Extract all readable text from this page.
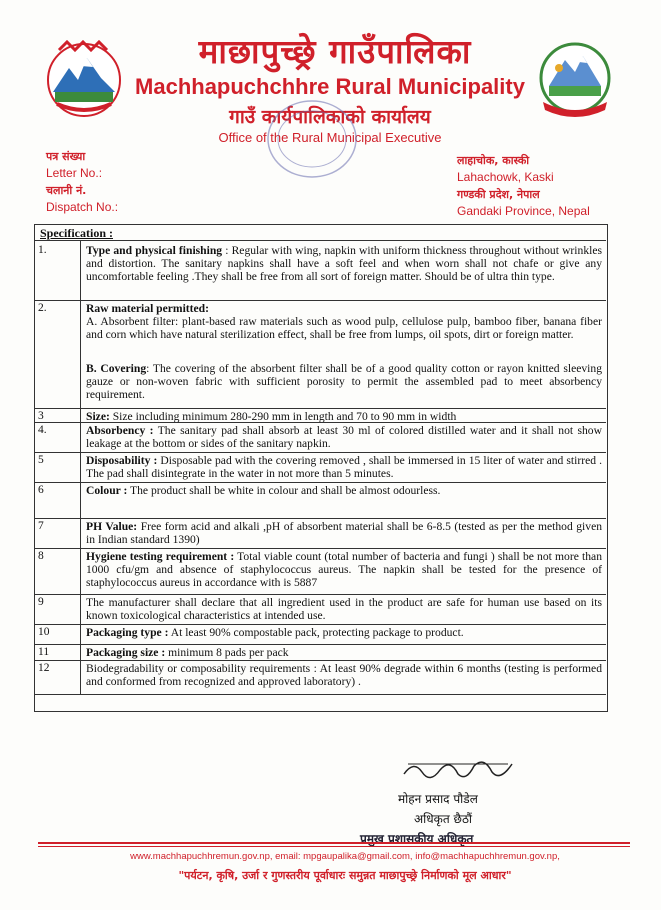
माछापुच्छ्रे गाउँपालिका
Machhapuchchhre Rural Municipality
गाउँ कार्यपालिकाको कार्यालय
Office of the Rural Municipal Executive
पत्र संख्या
Letter No.:
चलानी नं.
Dispatch No.:
लाहाचोक, कास्की
Lahachowk, Kaski
गण्डकी प्रदेश, नेपाल
Gandaki Province, Nepal
Specification :
1.	Type and physical finishing : Regular with wing, napkin with uniform thickness throughout without wrinkles and distortion. The sanitary napkins shall have a soft feel and when worn shall not chafe or give any uncomfortable feeling .They shall be free from all sort of foreign matter. Should be of ultra thin type.
2.	Raw material permitted:
A. Absorbent filter: plant-based raw materials such as wood pulp, cellulose pulp, bamboo fiber, banana fiber and corn which have natural sterilization effect, shall be free from lumps, oil spots, dirt or foreign matter.
B. Covering: The covering of the absorbent filter shall be of a good quality cotton or rayon knitted sleeving gauze or non-woven fabric with sufficient porosity to permit the assembled pad to meet absorbency requirement.
3	Size: Size including minimum 280-290 mm in length and 70 to 90 mm in width
4.	Absorbency : The sanitary pad shall absorb at least 30 ml of colored distilled water and it shall not show leakage at the bottom or sides of the sanitary napkin.
5	Disposability : Disposable pad with the covering removed , shall be immersed in 15 liter of water and stirred . The pad shall disintegrate in the water in not more than 5 minutes.
6	Colour : The product shall be white in colour and shall be almost odourless.
7	PH Value: Free form acid and alkali ,pH of absorbent material shall be 6-8.5 (tested as per the method given in Indian standard 1390)
8	Hygiene testing requirement : Total viable count (total number of bacteria and fungi ) shall be not more than 1000 cfu/gm and absence of staphylococcus aureus. The napkin shall be tested for the presence of staphylococcus aureus in accordance with is 5887
9	The manufacturer shall declare that all ingredient used in the product are safe for human use based on its known toxicological characteristics at intended use.
10	Packaging type : At least 90% compostable pack, protecting package to product.
11	Packaging size : minimum 8 pads per pack
12	Biodegradability or composability requirements : At least 90% degrade within 6 months (testing is performed and conformed from recognized and approved laboratory) .
मोहन प्रसाद पौडेल
अधिकृत छैठौं
प्रमुख प्रशासकीय अधिकृत
www.machhapuchhremun.gov.np, email: mpgaupalika@gmail.com, info@machhapuchhremun.gov.np,
"पर्यटन, कृषि, उर्जा र गुणस्तरीय पूर्वाधारः समुन्नत माछापुच्छ्रे निर्माणको मूल आधार"
